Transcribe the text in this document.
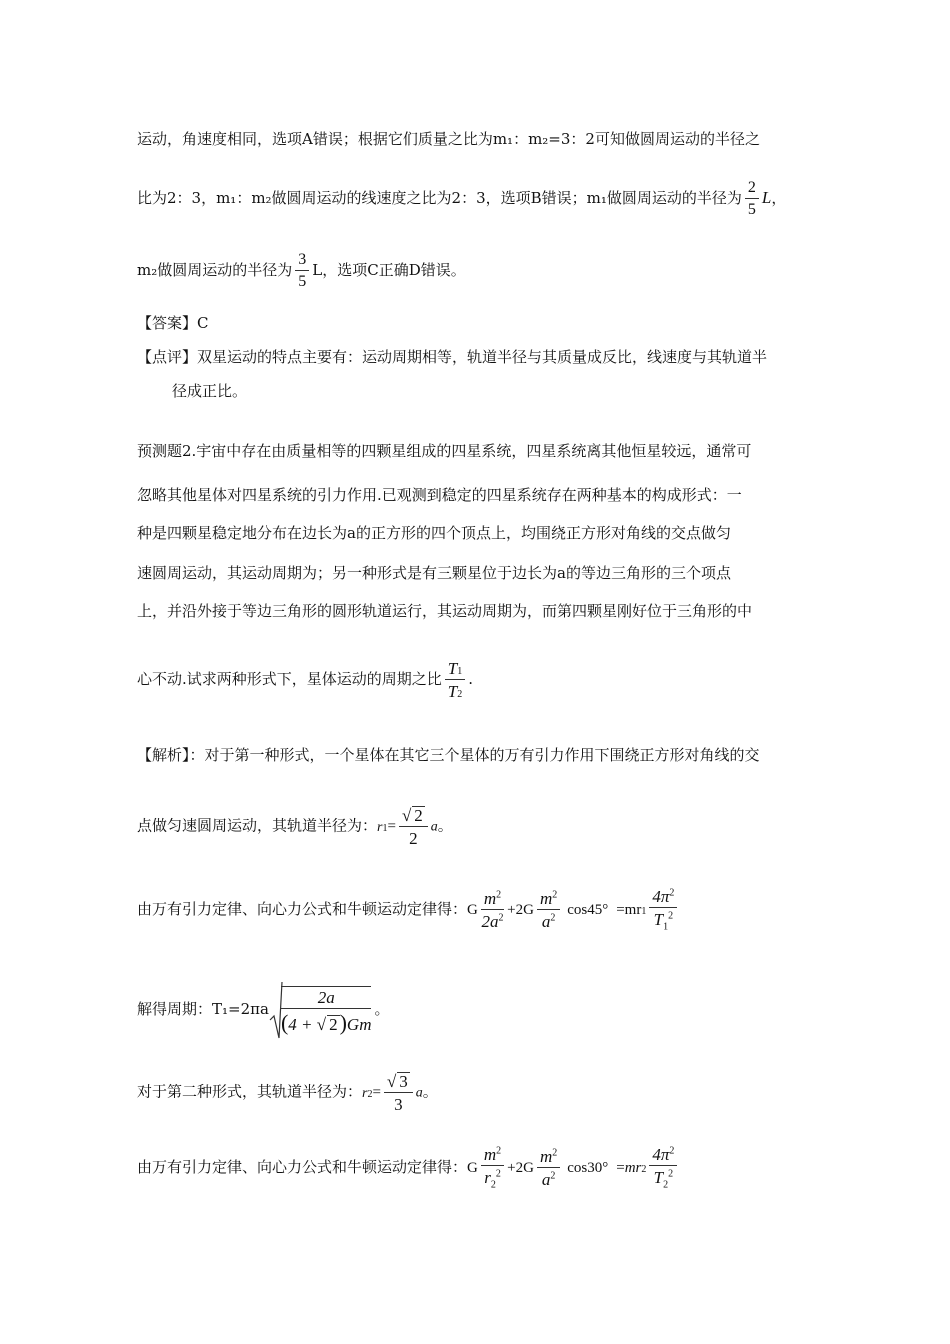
运动，角速度相同，选项A错误；根据它们质量之比为m₁：m₂=3：2可知做圆周运动的半径之
比为2：3，m₁：m₂做圆周运动的线速度之比为2：3，选项B错误；m₁做圆周运动的半径为 $\frac{2}{5}$ L，
m₂做圆周运动的半径为 $\frac{3}{5}$ L，选项C正确D错误。
【答案】C
【点评】双星运动的特点主要有：运动周期相等，轨道半径与其质量成反比，线速度与其轨道半
径成正比。
预测题2.宇宙中存在由质量相等的四颗星组成的四星系统，四星系统离其他恒星较远，通常可
忽略其他星体对四星系统的引力作用.已观测到稳定的四星系统存在两种基本的构成形式：一
种是四颗星稳定地分布在边长为a的正方形的四个顶点上，均围绕正方形对角线的交点做匀
速圆周运动，其运动周期为；另一种形式是有三颗星位于边长为a的等边三角形的三个项点
上，并沿外接于等边三角形的圆形轨道运行，其运动周期为，而第四颗星刚好位于三角形的中
心不动.试求两种形式下，星体运动的周期之比 $\frac{T1}{T2}$ .
【解析】：对于第一种形式，一个星体在其它三个星体的万有引力作用下围绕正方形对角线的交
点做匀速圆周运动，其轨道半径为：$r1= \frac{√ 2}{2}$ a。
由万有引力定律、向心力公式和牛顿运动定律得：G $\frac{m^2}{2a^2} +2G \frac{m^2}{a^2} \cos 45^\circ =mr1 \frac{4\pi^2}{T_1^2}$
解得周期：$T_1=2\pi a \frac{2a}{(4 + √ 2)Gm}$ 。
对于第二种形式，其轨道半径为：$r2= \frac{√ 3}{3}$ a。
由万有引力定律、向心力公式和牛顿运动定律得：G $\frac{m^2}{r_2^2} +2G \frac{m^2}{a^2} \cos 30^\circ =mr2 \frac{4\pi^2}{T_2^2}$
